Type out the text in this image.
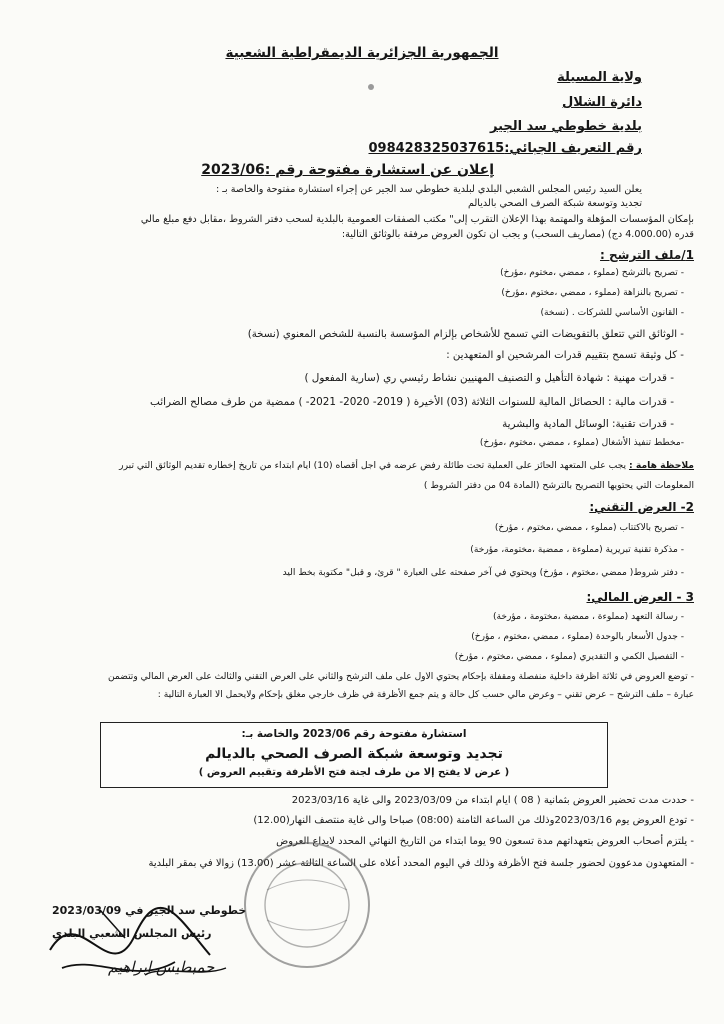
الجمهورية الجزائرية الديمقراطية الشعبية
ولاية المسيلة
دائرة الشلال
بلدية خطوطي سد الجير
رقم التعريف الجبائي:098428325037615
إعلان عن استشارة مفتوحة رقم :2023/06
يعلن السيد رئيس المجلس الشعبي البلدي لبلدية خطوطي سد الجير عن إجراء استشارة مفتوحة والخاصة بـ :
تجديد وتوسعة شبكة الصرف الصحي بالديالم
بإمكان المؤسسات المؤهلة والمهتمة بهذا الإعلان التقرب إلى" مكتب الصفقات العمومية بالبلدية لسحب دفتر الشروط ،مقابل دفع مبلغ مالي
قدره (4.000.00 دج) (مصاريف السحب) و يجب ان تكون العروض مرفقة بالوثائق التالية:
1/ملف الترشح :
- تصريح بالترشح (مملوء ، ممضي ،مختوم ،مؤرخ)
- تصريح بالنزاهة (مملوء ، ممضي ،مختوم ،مؤرخ)
- القانون الأساسي للشركات . (نسخة)
- الوثائق التي تتعلق بالتفويضات التي تسمح للأشخاص بإلزام المؤسسة بالنسبة للشخص المعنوي (نسخة)
- كل وثيقة تسمح بتقييم قدرات المرشحين او المتعهدين :
- قدرات مهنية : شهادة التأهيل و التصنيف المهنيين نشاط رئيسي ري (سارية المفعول )
- قدرات مالية : الحصائل المالية للسنوات الثلاثة (03) الأخيرة ( 2019- 2020- 2021- ) ممضية من طرف مصالح الضرائب
- قدرات تقنية: الوسائل المادية والبشرية
-مخطط تنفيذ الأشغال (مملوء ، ممضي ،مختوم ،مؤرخ)
ملاحظة هامة : يجب على المتعهد الحائز على العملية تحت طائلة رفض عرضه في اجل أقصاه (10) ايام ابتداء من تاريخ إخطاره تقديم الوثائق التي تبرر
المعلومات التي يحتويها التصريح بالترشح (المادة 04 من دفتر الشروط )
2- العرض التقني:
- تصريح بالاكتتاب (مملوء ، ممضي ،مختوم ، مؤرخ)
- مذكرة تقنية تبريرية (مملوءة ، ممضية ،مختومة، مؤرخة)
- دفتر شروط( ممضي ،مختوم ، مؤرخ) ويحتوي في آخر صفحته على العبارة " قرئ، و قبل" مكتوبة بخط اليد
3 - العرض المالي:
- رسالة التعهد (مملوءة ، ممضية ،مختومة ، مؤرخة)
- جدول الأسعار بالوحدة (مملوء ، ممضي ،مختوم ، مؤرخ)
- التفصيل الكمي و التقديري (مملوء ، ممضي ،مختوم ، مؤرخ)
- توضع العروض في ثلاثة اظرفة داخلية منفصلة ومقفلة بإحكام يحتوي الأول على ملف الترشح والثاني على العرض التقني والثالث على العرض المالي وتتضمن
عبارة – ملف الترشح – عرض تقني – وعرض مالي حسب كل حالة و يتم جمع الأظرفة في ظرف خارجي مغلق بإحكام ولايحمل الا العبارة التالية :
استشارة مفتوحة رقم 2023/06 والخاصة بـ:
تجديد وتوسعة شبكة الصرف الصحي بالديالم
( عرض لا يفتح إلا من طرف لجنة فتح الأظرفة وتقييم العروض )
- حددت مدت تحضير العروض بثمانية ( 08 ) ايام ابتداء من 2023/03/09 والى غاية 2023/03/16
- تودع العروض يوم 2023/03/16وذلك من الساعة الثامنة (08:00) صباحا والى غاية منتصف النهار(12.00)
- يلتزم أصحاب العروض بتعهداتهم مدة تسعون 90 يوما ابتداء من التاريخ النهائي المحدد لايداع العروض
- المتعهدون مدعوون لحضور جلسة فتح الأظرفة وذلك في اليوم المحدد أعلاه على الساعة الثالثة عشر (13.00) زوالا في بمقر البلدية
خطوطي سد الجير في 2023/03/09
رئيس المجلس الشعبي البلدي
حمبطيس ابراهيم
